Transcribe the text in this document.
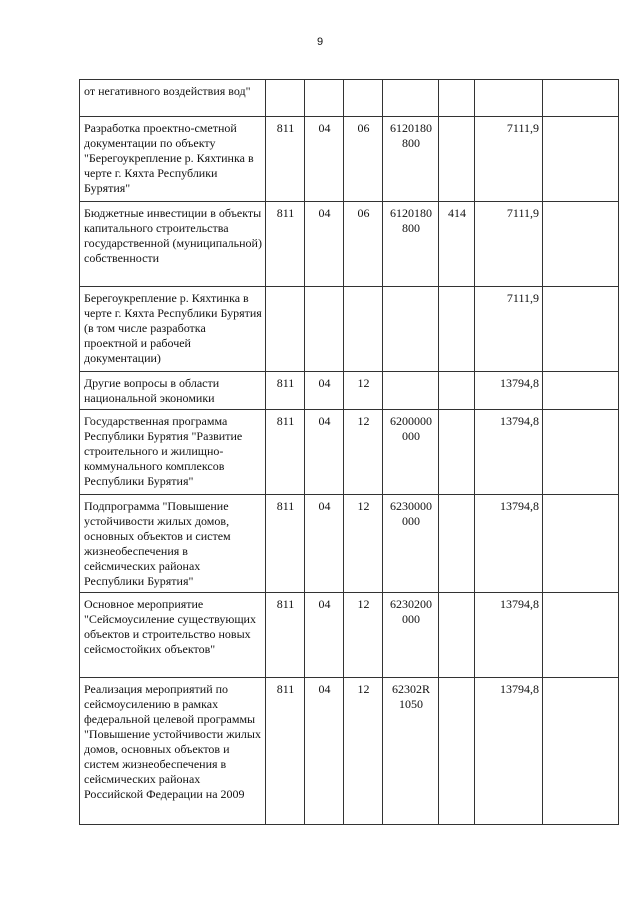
9
от негативного воздействия вод"							
Разработка проектно-сметной документации по объекту "Берегоукрепление р. Кяхтинка в черте г. Кяхта Республики Бурятия"	811	04	06	6120180 800		7111,9	
Бюджетные инвестиции в объекты капитального строительства государственной (муниципальной) собственности	811	04	06	6120180 800	414	7111,9	
Берегоукрепление р. Кяхтинка в черте г. Кяхта Республики Бурятия (в том числе разработка проектной и рабочей документации)						7111,9	
Другие вопросы в области национальной экономики	811	04	12			13794,8	
Государственная программа Республики Бурятия "Развитие строительного и жилищно-коммунального комплексов Республики Бурятия"	811	04	12	6200000 000		13794,8	
Подпрограмма "Повышение устойчивости жилых домов, основных объектов и систем жизнеобеспечения в сейсмических районах Республики Бурятия"	811	04	12	6230000 000		13794,8	
Основное мероприятие "Сейсмоусиление существующих объектов и строительство новых сейсмостойких объектов"	811	04	12	6230200 000		13794,8	
Реализация мероприятий по сейсмоусилению в рамках федеральной целевой программы "Повышение устойчивости жилых домов, основных объектов и систем жизнеобеспечения в сейсмических районах Российской Федерации на 2009	811	04	12	62302R 1050		13794,8	
